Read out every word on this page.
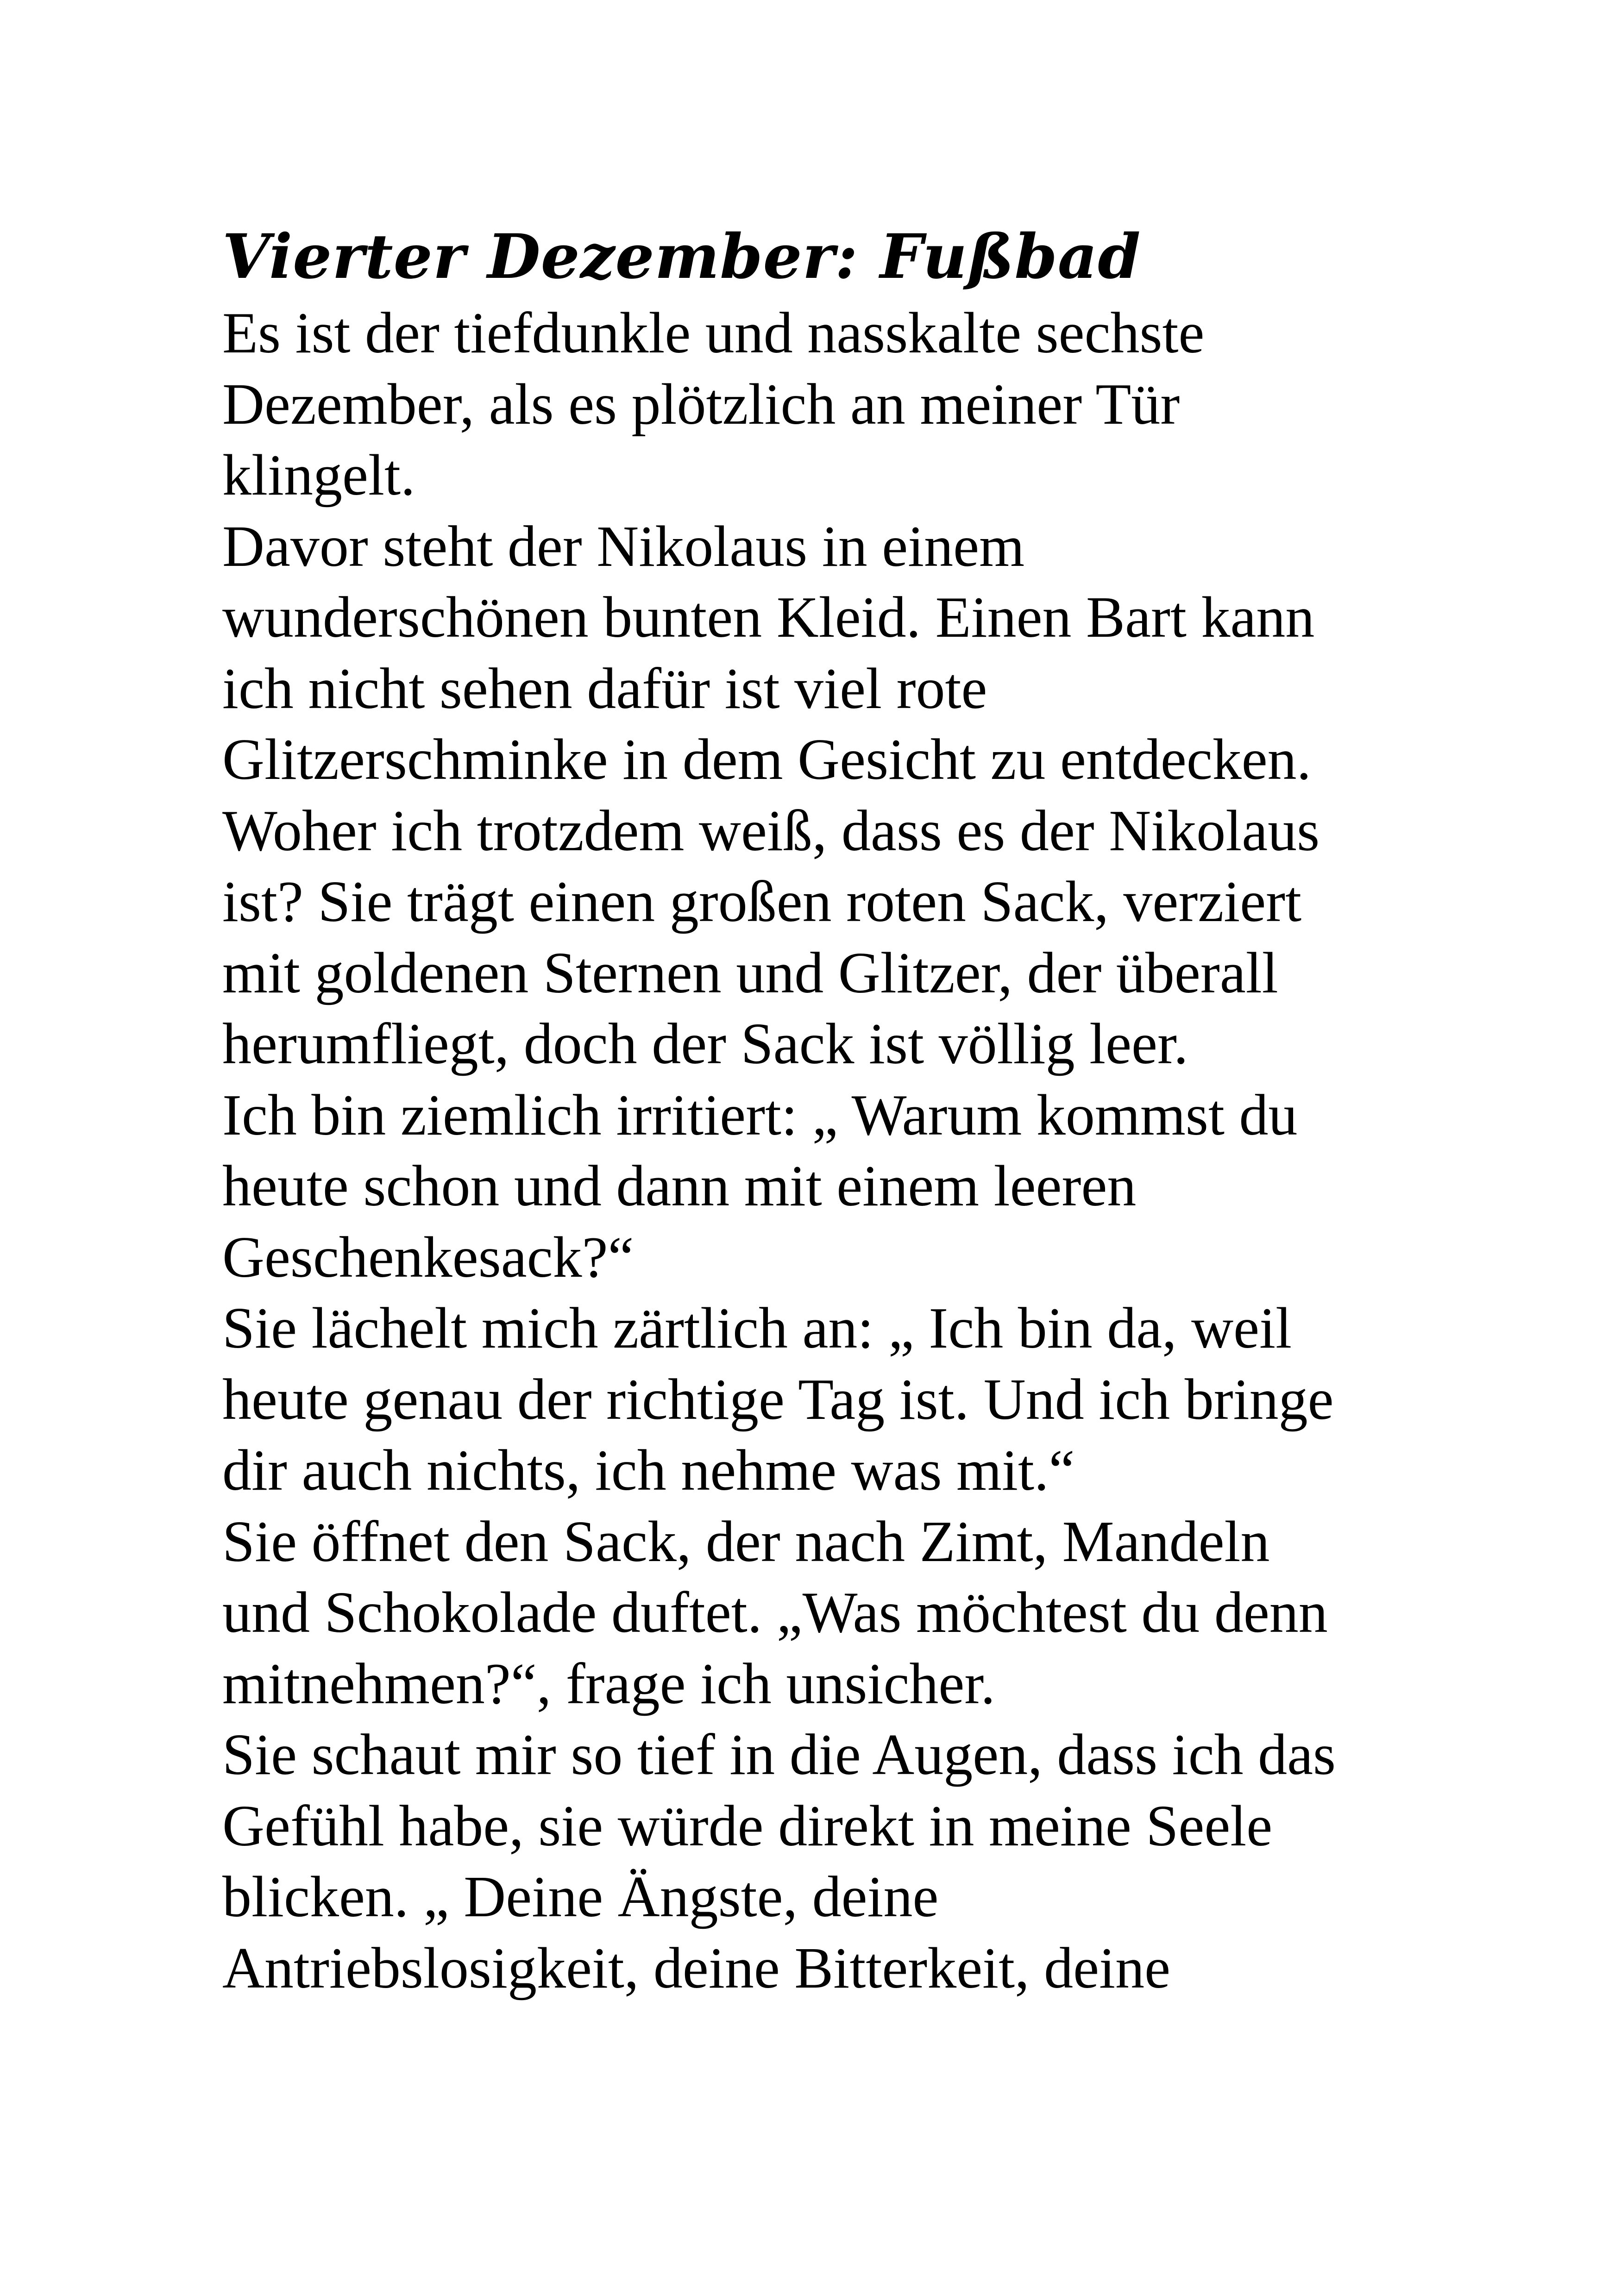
Vierter Dezember: Fußbad
Es ist der tiefdunkle und nasskalte sechste
Dezember, als es plötzlich an meiner Tür
klingelt.
Davor steht der Nikolaus in einem
wunderschönen bunten Kleid. Einen Bart kann
ich nicht sehen dafür ist viel rote
Glitzerschminke in dem Gesicht zu entdecken.
Woher ich trotzdem weiß, dass es der Nikolaus
ist? Sie trägt einen großen roten Sack, verziert
mit goldenen Sternen und Glitzer, der überall
herumfliegt, doch der Sack ist völlig leer.
Ich bin ziemlich irritiert: „ Warum kommst du
heute schon und dann mit einem leeren
Geschenkesack?“
Sie lächelt mich zärtlich an: „ Ich bin da, weil
heute genau der richtige Tag ist. Und ich bringe
dir auch nichts, ich nehme was mit.“
Sie öffnet den Sack, der nach Zimt, Mandeln
und Schokolade duftet. „Was möchtest du denn
mitnehmen?“, frage ich unsicher.
Sie schaut mir so tief in die Augen, dass ich das
Gefühl habe, sie würde direkt in meine Seele
blicken. „ Deine Ängste, deine
Antriebslosigkeit, deine Bitterkeit, deine
